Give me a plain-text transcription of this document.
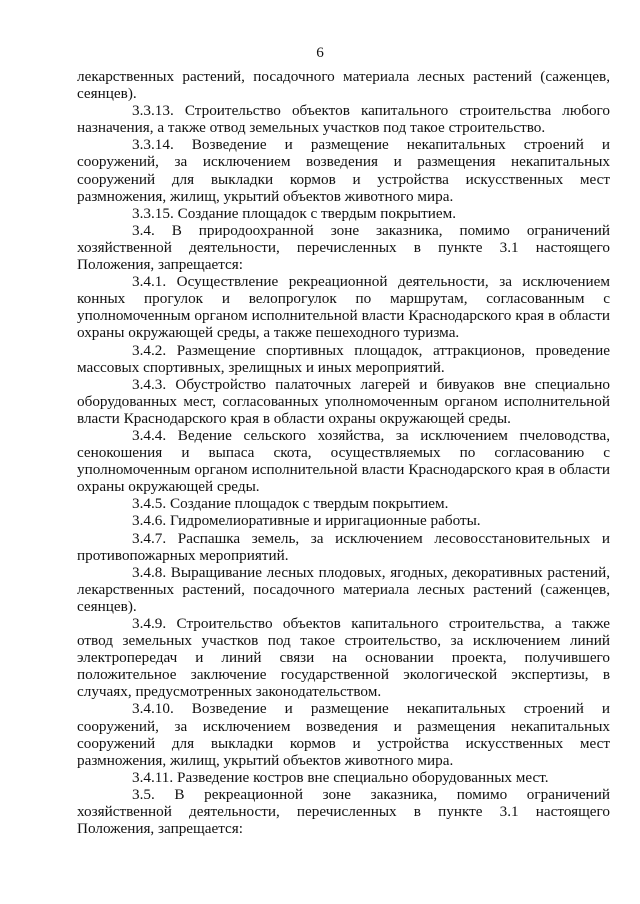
6

лекарственных растений, посадочного материала лесных растений (саженцев, сеянцев).

3.3.13. Строительство объектов капитального строительства любого назначения, а также отвод земельных участков под такое строительство.

3.3.14. Возведение и размещение некапитальных строений и сооружений, за исключением возведения и размещения некапитальных сооружений для выкладки кормов и устройства искусственных мест размножения, жилищ, укрытий объектов животного мира.

3.3.15. Создание площадок с твердым покрытием.

3.4. В природоохранной зоне заказника, помимо ограничений хозяйственной деятельности, перечисленных в пункте 3.1 настоящего Положения, запрещается:

3.4.1. Осуществление рекреационной деятельности, за исключением конных прогулок и велопрогулок по маршрутам, согласованным с уполномоченным органом исполнительной власти Краснодарского края в области охраны окружающей среды, а также пешеходного туризма.

3.4.2. Размещение спортивных площадок, аттракционов, проведение массовых спортивных, зрелищных и иных мероприятий.

3.4.3. Обустройство палаточных лагерей и бивуаков вне специально оборудованных мест, согласованных уполномоченным органом исполнительной власти Краснодарского края в области охраны окружающей среды.

3.4.4. Ведение сельского хозяйства, за исключением пчеловодства, сенокошения и выпаса скота, осуществляемых по согласованию с уполномоченным органом исполнительной власти Краснодарского края в области охраны окружающей среды.

3.4.5. Создание площадок с твердым покрытием.

3.4.6. Гидромелиоративные и ирригационные работы.

3.4.7. Распашка земель, за исключением лесовосстановительных и противопожарных мероприятий.

3.4.8. Выращивание лесных плодовых, ягодных, декоративных растений, лекарственных растений, посадочного материала лесных растений (саженцев, сеянцев).

3.4.9. Строительство объектов капитального строительства, а также отвод земельных участков под такое строительство, за исключением линий электропередач и линий связи на основании проекта, получившего положительное заключение государственной экологической экспертизы, в случаях, предусмотренных законодательством.

3.4.10. Возведение и размещение некапитальных строений и сооружений, за исключением возведения и размещения некапитальных сооружений для выкладки кормов и устройства искусственных мест размножения, жилищ, укрытий объектов животного мира.

3.4.11. Разведение костров вне специально оборудованных мест.

3.5. В рекреационной зоне заказника, помимо ограничений хозяйственной деятельности, перечисленных в пункте 3.1 настоящего Положения, запрещается:
